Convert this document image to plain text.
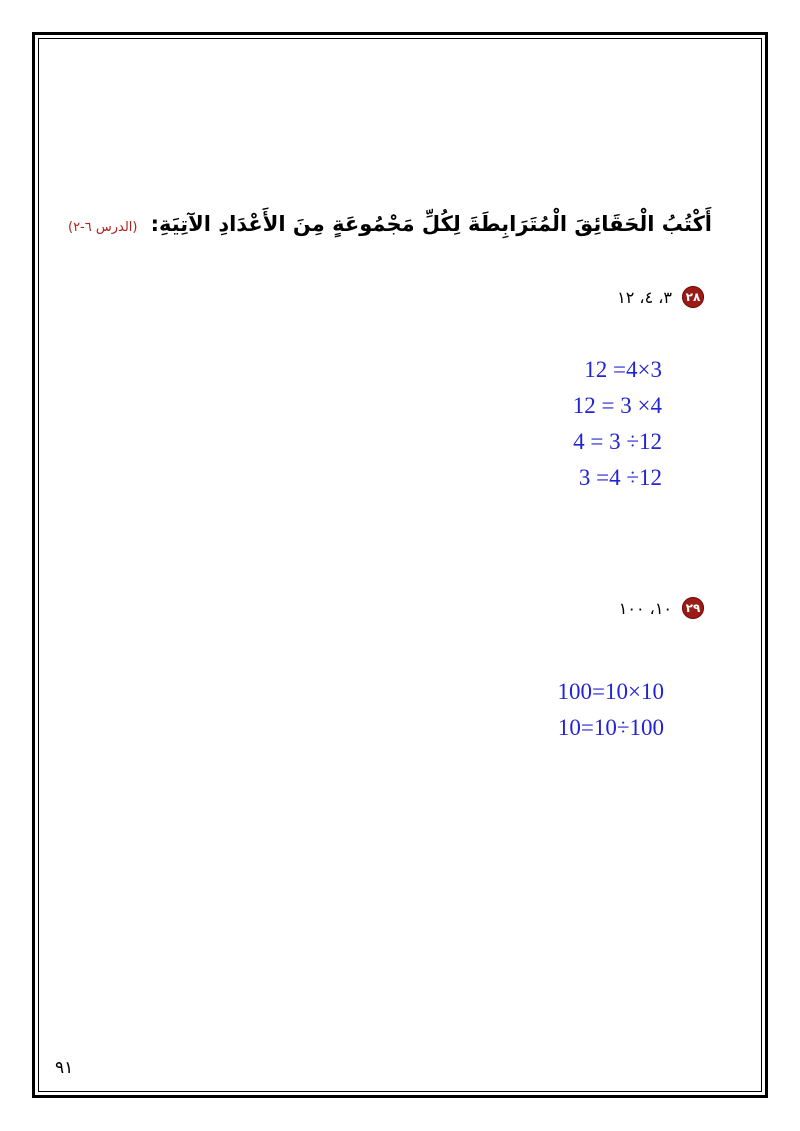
أَكْتُبُ الْحَقَائِقَ الْمُتَرَابِطَةَ لِكُلِّ مَجْمُوعَةٍ مِنَ الأَعْدَادِ الآتِيَةِ: (الدرس ٦-٢)
٢٨
٣، ٤، ١٢
12 =4×3
12 = 3 ×4
4 = 3 ÷12
3 =4 ÷12
٢٩
١٠، ١٠٠
100=10×10
10=10÷100
٩١
